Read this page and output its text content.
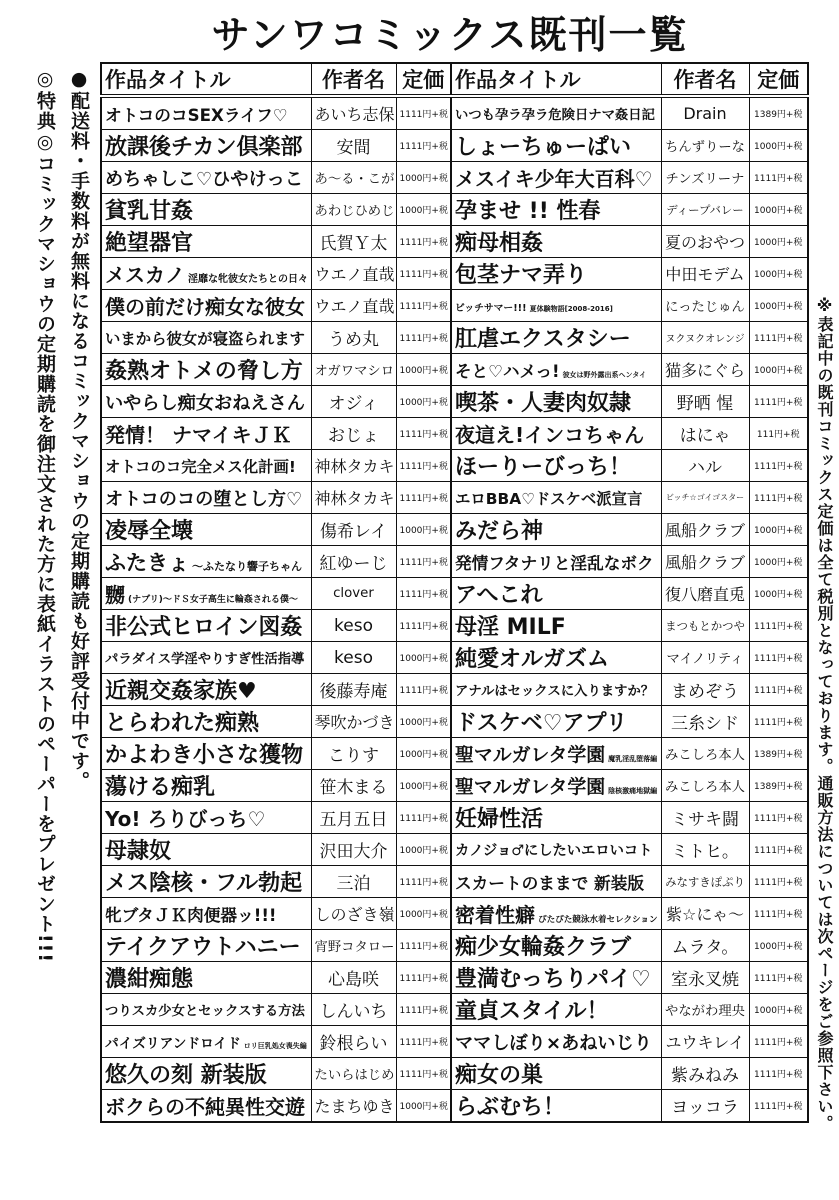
サンワコミックス既刊一覧
●配送料・手数料が無料になるコミックマショウの定期購読も好評受付中です。
◎特典◎コミックマショウの定期購読を御注文された方に表紙イラストのペーパーをプレゼント!!!	※表記中の既刊コミックス定価は全て税別となっております。通販方法については次ページをご参照下さい。
作品タイトル	作者名	定価
オトコのコSEXライフ♡	あいち志保	1111円+税
放課後チカン倶楽部	安間	1111円+税
めちゃしこ♡ひやけっこ	あ〜る・こが	1000円+税
貧乳甘姦	あわじひめじ	1000円+税
絶望器官	氏賀Ｙ太	1111円+税
メスカノ 淫靡な牝彼女たちとの日々	ウエノ直哉	1111円+税
僕の前だけ痴女な彼女	ウエノ直哉	1111円+税
いまから彼女が寝盗られます	うめ丸	1111円+税
姦熟オトメの脅し方	オガワマシロ	1000円+税
いやらし痴女おねえさん	オジィ	1000円+税
発情！ ナマイキＪＫ	おじょ	1111円+税
オトコのコ完全メス化計画!	神林タカキ	1111円+税
オトコのコの堕とし方♡	神林タカキ	1111円+税
凌辱全壊	傷希レイ	1000円+税
ふたきょ 〜ふたなり響子ちゃん	紅ゆーじ	1111円+税
嬲 (ナブリ)〜ドＳ女子高生に輪姦される僕〜	clover	1111円+税
非公式ヒロイン図姦	keso	1111円+税
パラダイス学淫やりすぎ性活指導	keso	1000円+税
近親交姦家族♥	後藤寿庵	1111円+税
とらわれた痴熟	琴吹かづき	1000円+税
かよわき小さな獲物	こりす	1000円+税
蕩ける痴乳	笹木まる	1000円+税
Yo! ろりびっち♡	五月五日	1111円+税
母隷奴	沢田大介	1000円+税
メス陰核・フル勃起	三泊	1111円+税
牝ブタＪＫ肉便器ッ!!!	しのざき嶺	1000円+税
テイクアウトハニー	宵野コタロー	1111円+税
濃紺痴態	心島咲	1111円+税
つりスカ少女とセックスする方法	しんいち	1111円+税
パイズリアンドロイド ロリ巨乳処女喪失編	鈴根らい	1111円+税
悠久の刻 新装版	たいらはじめ	1111円+税
ボクらの不純異性交遊	たまちゆき	1000円+税
作品タイトル	作者名	定価
いつも孕ラ孕ラ危険日ナマ姦日記	Drain	1389円+税
しょーちゅーぱい	ちんずりーな	1000円+税
メスイキ少年大百科♡	チンズリーナ	1111円+税
孕ませ !! 性春	ディープバレー	1000円+税
痴母相姦	夏のおやつ	1000円+税
包茎ナマ弄り	中田モデム	1000円+税
ビッチサマー!!! 夏体験物語[2008-2016]	にったじゅん	1000円+税
肛虐エクスタシー	ヌクヌクオレンジ	1111円+税
そと♡ハメっ! 彼女は野外露出系ヘンタイ	猫多にぐら	1000円+税
喫茶・人妻肉奴隷	野晒 惺	1111円+税
夜這え!インコちゃん	はにゃ	111円+税
ほーりーびっち！	ハル	1111円+税
エロBBA♡ドスケベ派宣言	ビッチ☆ゴイゴスター	1111円+税
みだら神	風船クラブ	1000円+税
発情フタナリと淫乱なボク	風船クラブ	1000円+税
アへこれ	復八磨直兎	1000円+税
母淫 MILF	まつもとかつや	1111円+税
純愛オルガズム	マイノリティ	1111円+税
アナルはセックスに入りますか？	まめぞう	1111円+税
ドスケベ♡アプリ	三糸シド	1111円+税
聖マルガレタ学園 魔乳淫乱堕落編	みこしろ本人	1389円+税
聖マルガレタ学園 陰核激痛地獄編	みこしろ本人	1389円+税
妊婦性活	ミサキ闘	1111円+税
カノジョ♂にしたいエロいコト	ミトヒ。	1111円+税
スカートのままで 新装版	みなすきぽぷり	1111円+税
密着性癖 ぴたぴた競泳水着セレクション	紫☆にゃ〜	1111円+税
痴少女輪姦クラブ	ムラタ。	1000円+税
豊満むっちりパイ♡	室永叉焼	1111円+税
童貞スタイル！	やながわ理央	1000円+税
ママしぼり×あねいじり	ユウキレイ	1111円+税
痴女の巣	紫みねみ	1111円+税
らぶむち！	ヨッコラ	1111円+税
